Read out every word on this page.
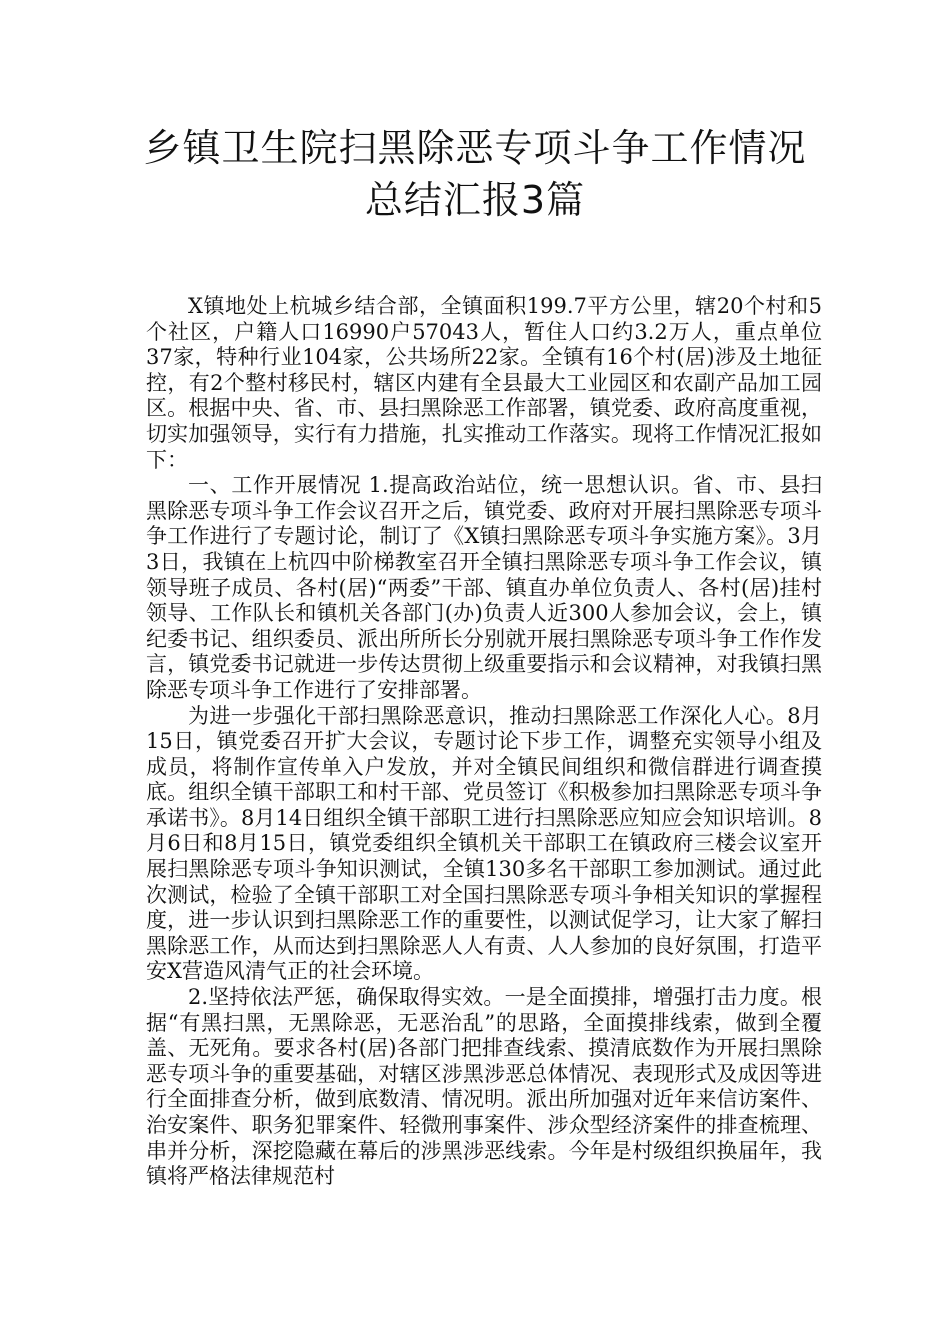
乡镇卫生院扫黑除恶专项斗争工作情况
总结汇报3篇

X镇地处上杭城乡结合部，全镇面积199.7平方公里，辖20个村和5个社区，户籍人口16990户57043人，暂住人口约3.2万人，重点单位37家，特种行业104家，公共场所22家。全镇有16个村(居)涉及土地征控，有2个整村移民村，辖区内建有全县最大工业园区和农副产品加工园区。根据中央、省、市、县扫黑除恶工作部署，镇党委、政府高度重视，切实加强领导，实行有力措施，扎实推动工作落实。现将工作情况汇报如下：

一、工作开展情况 1.提高政治站位，统一思想认识。省、市、县扫黑除恶专项斗争工作会议召开之后，镇党委、政府对开展扫黑除恶专项斗争工作进行了专题讨论，制订了《X镇扫黑除恶专项斗争实施方案》。3月3日，我镇在上杭四中阶梯教室召开全镇扫黑除恶专项斗争工作会议，镇领导班子成员、各村(居)“两委”干部、镇直办单位负责人、各村(居)挂村领导、工作队长和镇机关各部门(办)负责人近300人参加会议，会上，镇纪委书记、组织委员、派出所所长分别就开展扫黑除恶专项斗争工作作发言，镇党委书记就进一步传达贯彻上级重要指示和会议精神，对我镇扫黑除恶专项斗争工作进行了安排部署。

为进一步强化干部扫黑除恶意识，推动扫黑除恶工作深化人心。8月15日，镇党委召开扩大会议，专题讨论下步工作，调整充实领导小组及成员，将制作宣传单入户发放，并对全镇民间组织和微信群进行调查摸底。组织全镇干部职工和村干部、党员签订《积极参加扫黑除恶专项斗争承诺书》。8月14日组织全镇干部职工进行扫黑除恶应知应会知识培训。8月6日和8月15日，镇党委组织全镇机关干部职工在镇政府三楼会议室开展扫黑除恶专项斗争知识测试，全镇130多名干部职工参加测试。通过此次测试，检验了全镇干部职工对全国扫黑除恶专项斗争相关知识的掌握程度，进一步认识到扫黑除恶工作的重要性，以测试促学习，让大家了解扫黑除恶工作，从而达到扫黑除恶人人有责、人人参加的良好氛围，打造平安X营造风清气正的社会环境。

2.坚持依法严惩，确保取得实效。一是全面摸排，增强打击力度。根据“有黑扫黑，无黑除恶，无恶治乱”的思路，全面摸排线索，做到全覆盖、无死角。要求各村(居)各部门把排查线索、摸清底数作为开展扫黑除恶专项斗争的重要基础，对辖区涉黑涉恶总体情况、表现形式及成因等进行全面排查分析，做到底数清、情况明。派出所加强对近年来信访案件、治安案件、职务犯罪案件、轻微刑事案件、涉众型经济案件的排查梳理、串并分析，深挖隐藏在幕后的涉黑涉恶线索。今年是村级组织换届年，我镇将严格法律规范村
